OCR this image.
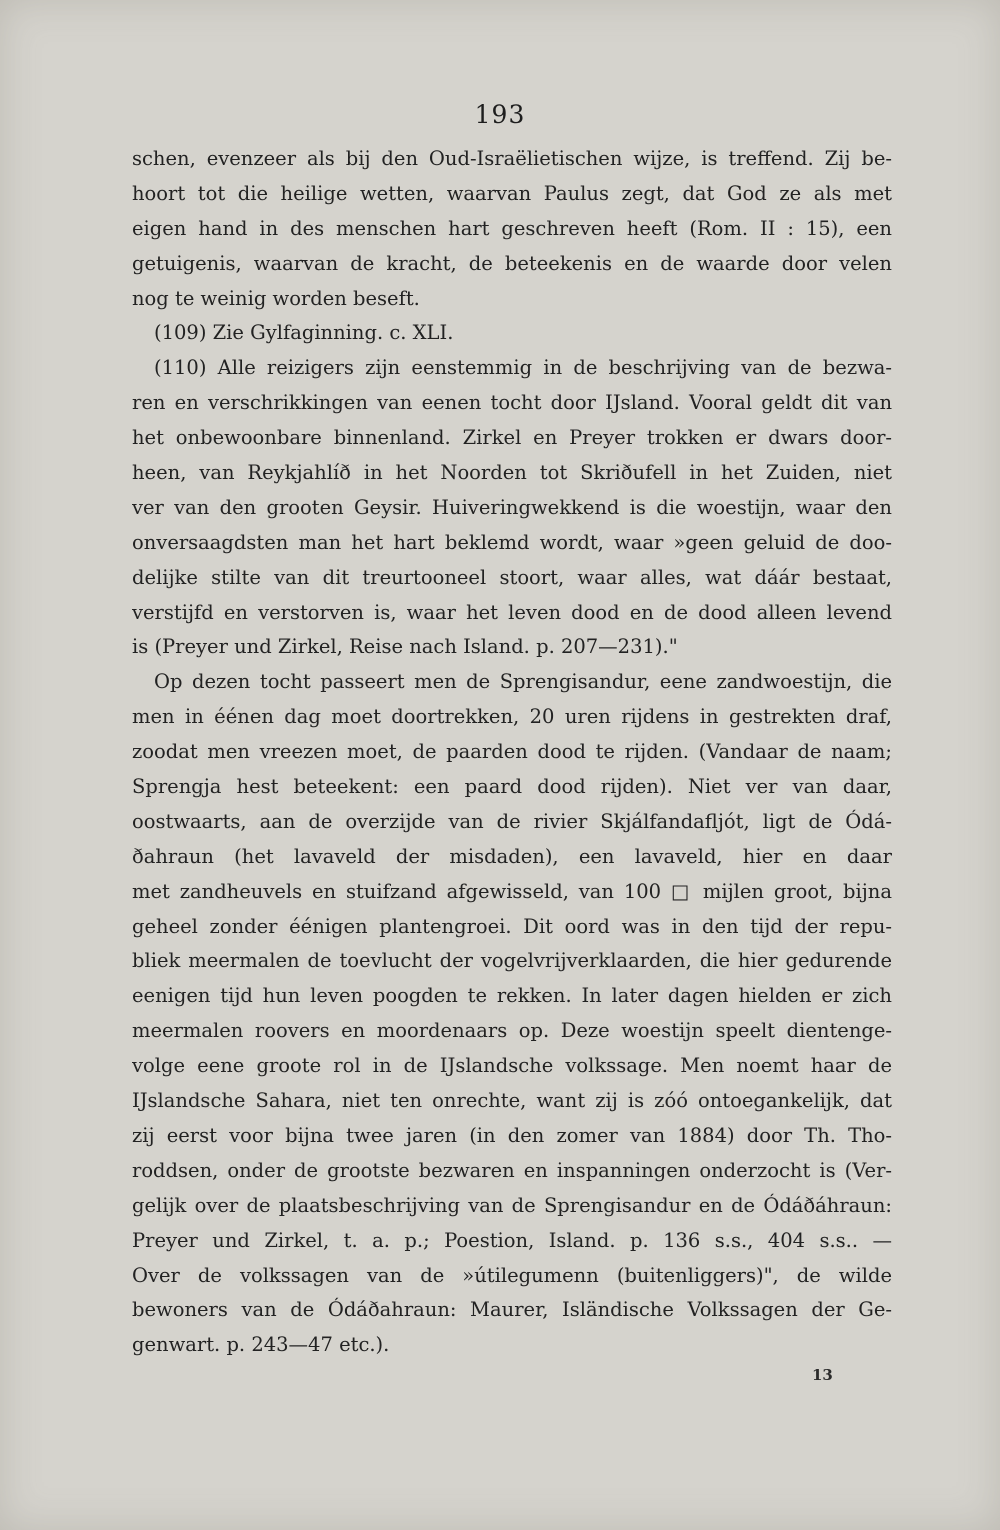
193
schen, evenzeer als bij den Oud-Israëlietischen wijze, is treffend. Zij be-
hoort tot die heilige wetten, waarvan Paulus zegt, dat God ze als met
eigen hand in des menschen hart geschreven heeft (Rom. II : 15), een
getuigenis, waarvan de kracht, de beteekenis en de waarde door velen
nog te weinig worden beseft.
(109) Zie Gylfaginning. c. XLI.
(110) Alle reizigers zijn eenstemmig in de beschrijving van de bezwa-
ren en verschrikkingen van eenen tocht door IJsland. Vooral geldt dit van
het onbewoonbare binnenland. Zirkel en Preyer trokken er dwars door-
heen, van Reykjahlíð in het Noorden tot Skriðufell in het Zuiden, niet
ver van den grooten Geysir. Huiveringwekkend is die woestijn, waar den
onversaagdsten man het hart beklemd wordt, waar »geen geluid de doo-
delijke stilte van dit treurtooneel stoort, waar alles, wat dáár bestaat,
verstijfd en verstorven is, waar het leven dood en de dood alleen levend
is (Preyer und Zirkel, Reise nach Island. p. 207—231)."
Op dezen tocht passeert men de Sprengisandur, eene zandwoestijn, die
men in éénen dag moet doortrekken, 20 uren rijdens in gestrekten draf,
zoodat men vreezen moet, de paarden dood te rijden. (Vandaar de naam;
Sprengja hest beteekent: een paard dood rijden). Niet ver van daar,
oostwaarts, aan de overzijde van de rivier Skjálfandafljót, ligt de Ódá-
ðahraun (het lavaveld der misdaden), een lavaveld, hier en daar
met zandheuvels en stuifzand afgewisseld, van 100 □ mijlen groot, bijna
geheel zonder éénigen plantengroei. Dit oord was in den tijd der repu-
bliek meermalen de toevlucht der vogelvrijverklaarden, die hier gedurende
eenigen tijd hun leven poogden te rekken. In later dagen hielden er zich
meermalen roovers en moordenaars op. Deze woestijn speelt dientenge-
volge eene groote rol in de IJslandsche volkssage. Men noemt haar de
IJslandsche Sahara, niet ten onrechte, want zij is zóó ontoegankelijk, dat
zij eerst voor bijna twee jaren (in den zomer van 1884) door Th. Tho-
roddsen, onder de grootste bezwaren en inspanningen onderzocht is (Ver-
gelijk over de plaatsbeschrijving van de Sprengisandur en de Ódáðáhraun:
Preyer und Zirkel, t. a. p.; Poestion, Island. p. 136 s.s., 404 s.s.. —
Over de volkssagen van de »útilegumenn (buitenliggers)", de wilde
bewoners van de Ódáðahraun: Maurer, Isländische Volkssagen der Ge-
genwart. p. 243—47 etc.).
13
